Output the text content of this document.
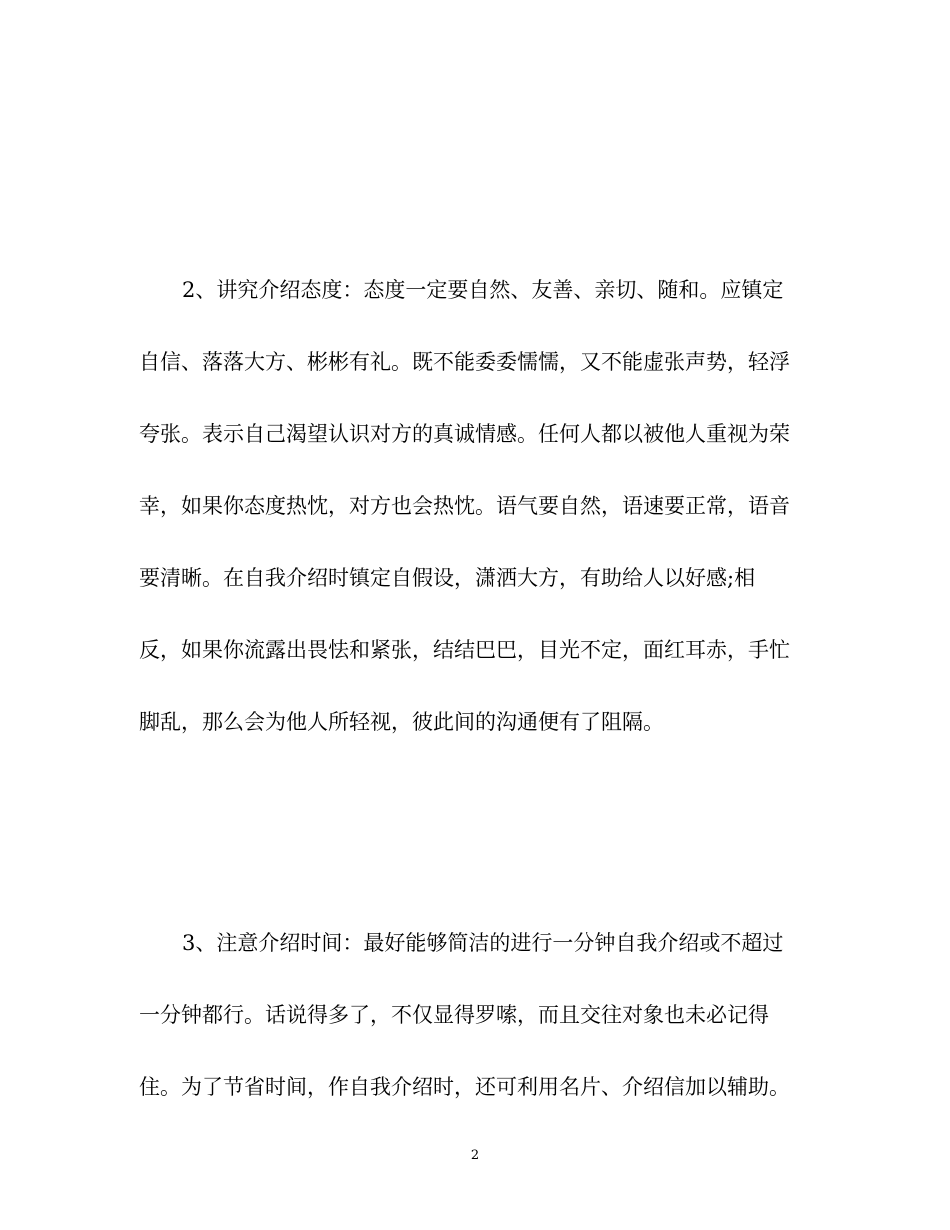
2、讲究介绍态度：态度一定要自然、友善、亲切、随和。应镇定
自信、落落大方、彬彬有礼。既不能委委懦懦，又不能虚张声势，轻浮
夸张。表示自己渴望认识对方的真诚情感。任何人都以被他人重视为荣
幸，如果你态度热忱，对方也会热忱。语气要自然，语速要正常，语音
要清晰。在自我介绍时镇定自假设，潇洒大方，有助给人以好感;相
反，如果你流露出畏怯和紧张，结结巴巴，目光不定，面红耳赤，手忙
脚乱，那么会为他人所轻视，彼此间的沟通便有了阻隔。
3、注意介绍时间：最好能够简洁的进行一分钟自我介绍或不超过
一分钟都行。话说得多了，不仅显得罗嗦，而且交往对象也未必记得
住。为了节省时间，作自我介绍时，还可利用名片、介绍信加以辅助。
2
